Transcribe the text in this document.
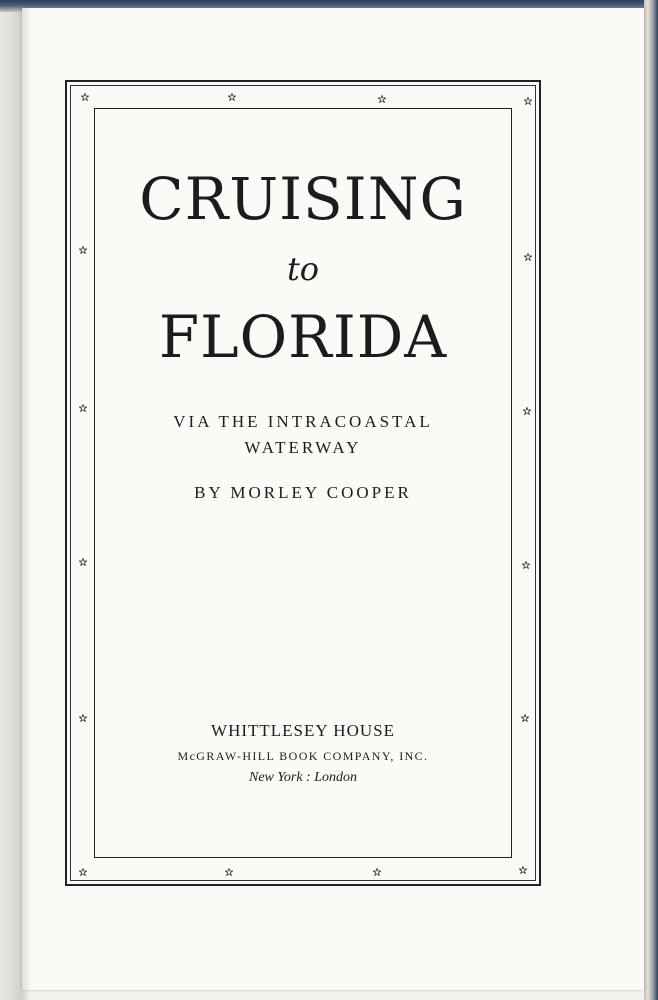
CRUISING
to
FLORIDA
VIA THE INTRACOASTAL
WATERWAY
BY MORLEY COOPER
WHITTLESEY HOUSE
McGRAW-HILL BOOK COMPANY, INC.
New York : London
